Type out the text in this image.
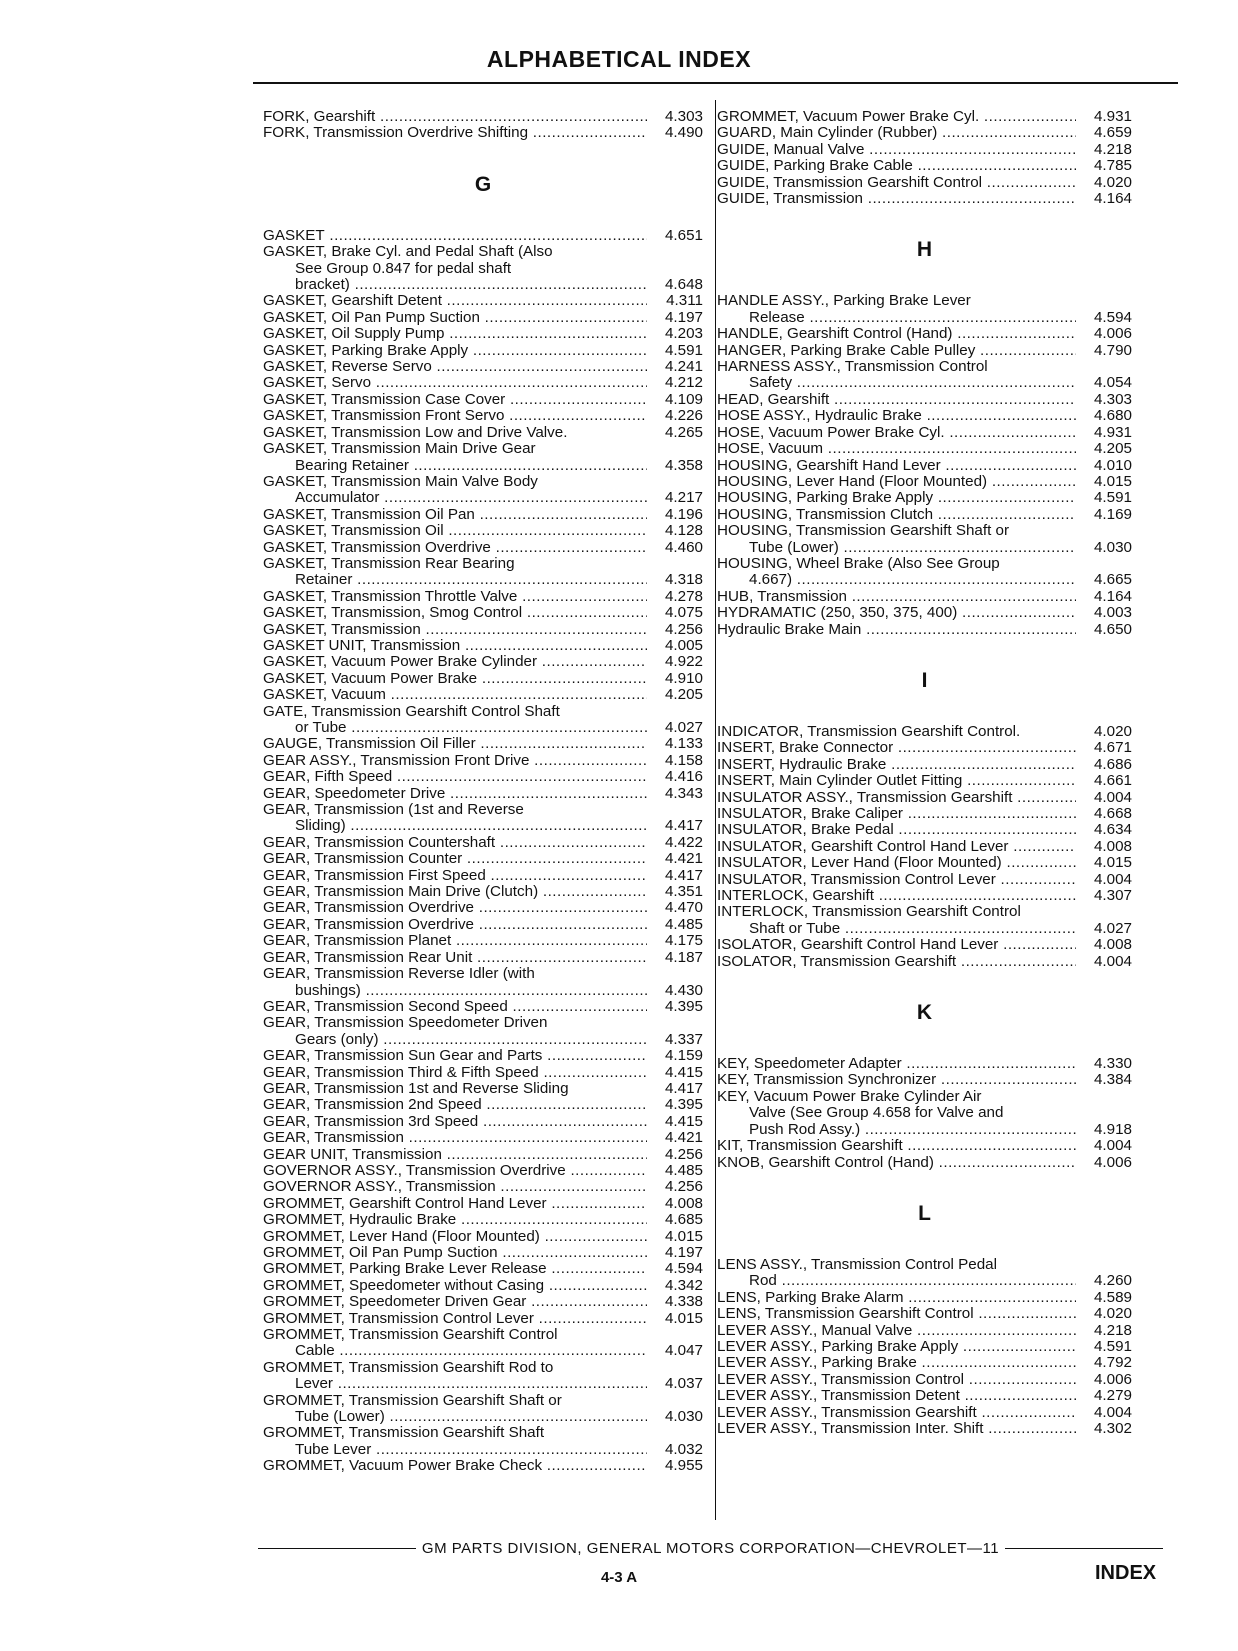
ALPHABETICAL INDEX
FORK, Gearshift .....	4.303
FORK, Transmission Overdrive Shifting .....	4.490
G
GASKET .....	4.651
GASKET, Brake Cyl. and Pedal Shaft (Also
See Group 0.847 for pedal shaft
bracket) .....	4.648
GASKET, Gearshift Detent .....	4.311
GASKET, Oil Pan Pump Suction .....	4.197
GASKET, Oil Supply Pump .....	4.203
GASKET, Parking Brake Apply .....	4.591
GASKET, Reverse Servo .....	4.241
GASKET, Servo .....	4.212
GASKET, Transmission Case Cover .....	4.109
GASKET, Transmission Front Servo .....	4.226
GASKET, Transmission Low and Drive Valve.	4.265
GASKET, Transmission Main Drive Gear
Bearing Retainer .....	4.358
GASKET, Transmission Main Valve Body
Accumulator .....	4.217
GASKET, Transmission Oil Pan .....	4.196
GASKET, Transmission Oil .....	4.128
GASKET, Transmission Overdrive .....	4.460
GASKET, Transmission Rear Bearing
Retainer .....	4.318
GASKET, Transmission Throttle Valve .....	4.278
GASKET, Transmission, Smog Control .....	4.075
GASKET, Transmission .....	4.256
GASKET UNIT, Transmission .....	4.005
GASKET, Vacuum Power Brake Cylinder .....	4.922
GASKET, Vacuum Power Brake .....	4.910
GASKET, Vacuum .....	4.205
GATE, Transmission Gearshift Control Shaft
or Tube .....	4.027
GAUGE, Transmission Oil Filler .....	4.133
GEAR ASSY., Transmission Front Drive .....	4.158
GEAR, Fifth Speed .....	4.416
GEAR, Speedometer Drive .....	4.343
GEAR, Transmission (1st and Reverse
Sliding) .....	4.417
GEAR, Transmission Countershaft .....	4.422
GEAR, Transmission Counter .....	4.421
GEAR, Transmission First Speed .....	4.417
GEAR, Transmission Main Drive (Clutch) .....	4.351
GEAR, Transmission Overdrive .....	4.470
GEAR, Transmission Overdrive .....	4.485
GEAR, Transmission Planet .....	4.175
GEAR, Transmission Rear Unit .....	4.187
GEAR, Transmission Reverse Idler (with
bushings) .....	4.430
GEAR, Transmission Second Speed .....	4.395
GEAR, Transmission Speedometer Driven
Gears (only) .....	4.337
GEAR, Transmission Sun Gear and Parts .....	4.159
GEAR, Transmission Third & Fifth Speed .....	4.415
GEAR, Transmission 1st and Reverse Sliding	4.417
GEAR, Transmission 2nd Speed .....	4.395
GEAR, Transmission 3rd Speed .....	4.415
GEAR, Transmission .....	4.421
GEAR UNIT, Transmission .....	4.256
GOVERNOR ASSY., Transmission Overdrive .....	4.485
GOVERNOR ASSY., Transmission .....	4.256
GROMMET, Gearshift Control Hand Lever .....	4.008
GROMMET, Hydraulic Brake .....	4.685
GROMMET, Lever Hand (Floor Mounted) .....	4.015
GROMMET, Oil Pan Pump Suction .....	4.197
GROMMET, Parking Brake Lever Release .....	4.594
GROMMET, Speedometer without Casing .....	4.342
GROMMET, Speedometer Driven Gear .....	4.338
GROMMET, Transmission Control Lever .....	4.015
GROMMET, Transmission Gearshift Control
Cable .....	4.047
GROMMET, Transmission Gearshift Rod to
Lever .....	4.037
GROMMET, Transmission Gearshift Shaft or
Tube (Lower) .....	4.030
GROMMET, Transmission Gearshift Shaft
Tube Lever .....	4.032
GROMMET, Vacuum Power Brake Check .....	4.955
GROMMET, Vacuum Power Brake Cyl. .....	4.931
GUARD, Main Cylinder (Rubber) .....	4.659
GUIDE, Manual Valve .....	4.218
GUIDE, Parking Brake Cable .....	4.785
GUIDE, Transmission Gearshift Control .....	4.020
GUIDE, Transmission .....	4.164
H
HANDLE ASSY., Parking Brake Lever
Release .....	4.594
HANDLE, Gearshift Control (Hand) .....	4.006
HANGER, Parking Brake Cable Pulley .....	4.790
HARNESS ASSY., Transmission Control
Safety .....	4.054
HEAD, Gearshift .....	4.303
HOSE ASSY., Hydraulic Brake .....	4.680
HOSE, Vacuum Power Brake Cyl. .....	4.931
HOSE, Vacuum .....	4.205
HOUSING, Gearshift Hand Lever .....	4.010
HOUSING, Lever Hand (Floor Mounted) .....	4.015
HOUSING, Parking Brake Apply .....	4.591
HOUSING, Transmission Clutch .....	4.169
HOUSING, Transmission Gearshift Shaft or
Tube (Lower) .....	4.030
HOUSING, Wheel Brake (Also See Group
4.667) .....	4.665
HUB, Transmission .....	4.164
HYDRAMATIC (250, 350, 375, 400) .....	4.003
Hydraulic Brake Main .....	4.650
I
INDICATOR, Transmission Gearshift Control.	4.020
INSERT, Brake Connector .....	4.671
INSERT, Hydraulic Brake .....	4.686
INSERT, Main Cylinder Outlet Fitting .....	4.661
INSULATOR ASSY., Transmission Gearshift .....	4.004
INSULATOR, Brake Caliper .....	4.668
INSULATOR, Brake Pedal .....	4.634
INSULATOR, Gearshift Control Hand Lever .....	4.008
INSULATOR, Lever Hand (Floor Mounted) .....	4.015
INSULATOR, Transmission Control Lever .....	4.004
INTERLOCK, Gearshift .....	4.307
INTERLOCK, Transmission Gearshift Control
Shaft or Tube .....	4.027
ISOLATOR, Gearshift Control Hand Lever .....	4.008
ISOLATOR, Transmission Gearshift .....	4.004
K
KEY, Speedometer Adapter .....	4.330
KEY, Transmission Synchronizer .....	4.384
KEY, Vacuum Power Brake Cylinder Air
Valve (See Group 4.658 for Valve and
Push Rod Assy.) .....	4.918
KIT, Transmission Gearshift .....	4.004
KNOB, Gearshift Control (Hand) .....	4.006
L
LENS ASSY., Transmission Control Pedal
Rod .....	4.260
LENS, Parking Brake Alarm .....	4.589
LENS, Transmission Gearshift Control .....	4.020
LEVER ASSY., Manual Valve .....	4.218
LEVER ASSY., Parking Brake Apply .....	4.591
LEVER ASSY., Parking Brake .....	4.792
LEVER ASSY., Transmission Control .....	4.006
LEVER ASSY., Transmission Detent .....	4.279
LEVER ASSY., Transmission Gearshift .....	4.004
LEVER ASSY., Transmission Inter. Shift .....	4.302
GM PARTS DIVISION, GENERAL MOTORS CORPORATION—CHEVROLET—11
4-3 A	INDEX
